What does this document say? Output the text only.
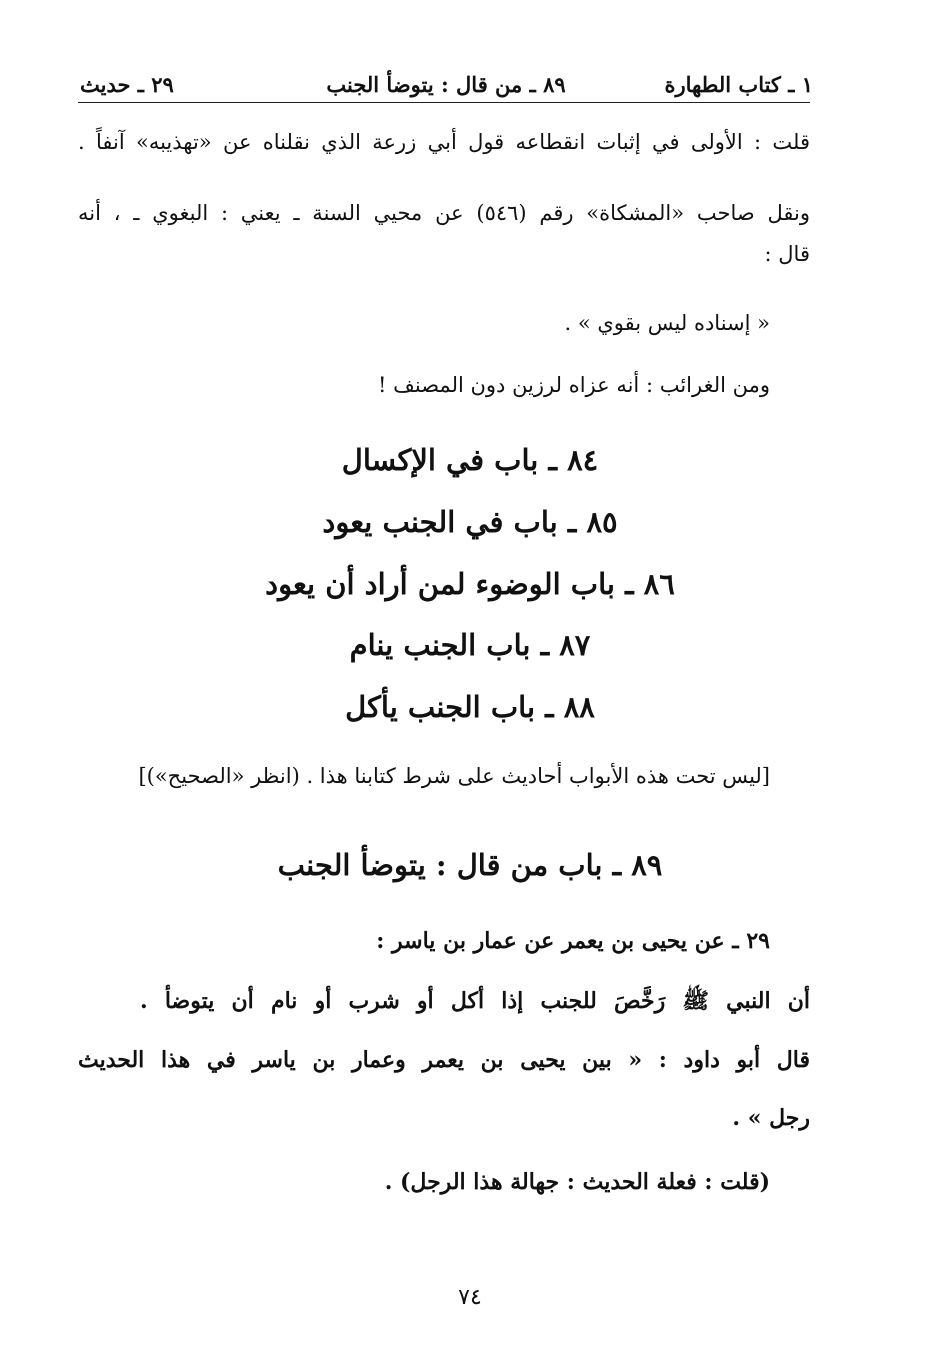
١ ـ كتاب الطهارة
٨٩ ـ من قال : يتوضأ الجنب
٢٩ ـ حديث
قلت : الأولى في إثبات انقطاعه قول أبي زرعة الذي نقلناه عن «تهذيبه» آنفاً .
ونقل صاحب «المشكاة» رقم (٥٤٦) عن محيي السنة ـ يعني : البغوي ـ ، أنه
قال :
« إسناده ليس بقوي » .
ومن الغرائب : أنه عزاه لرزين دون المصنف !
٨٤ ـ باب في الإكسال
٨٥ ـ باب في الجنب يعود
٨٦ ـ باب الوضوء لمن أراد أن يعود
٨٧ ـ باب الجنب ينام
٨٨ ـ باب الجنب يأكل
[ليس تحت هذه الأبواب أحاديث على شرط كتابنا هذا . (انظر «الصحيح»)]
٨٩ ـ باب من قال : يتوضأ الجنب
٢٩ ـ عن يحيى بن يعمر عن عمار بن ياسر :
أن النبي ﷺ رَخَّصَ للجنب إذا أكل أو شرب أو نام أن يتوضأ .
قال أبو داود : « بين يحيى بن يعمر وعمار بن ياسر في هذا الحديث
رجل » .
(قلت : فعلة الحديث : جهالة هذا الرجل) .
٧٤
